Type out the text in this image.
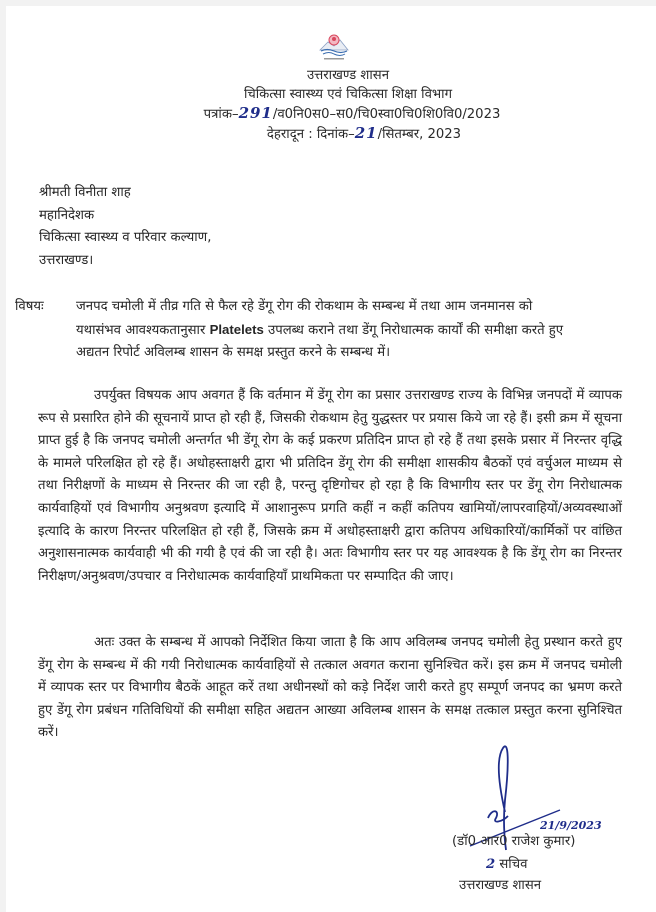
उत्तराखण्ड शासन
चिकित्सा स्वास्थ्य एवं चिकित्सा शिक्षा विभाग
पत्रांक–291/व0नि0स0–स0/चि0स्वा0चि0शि0वि0/2023
देहरादून : दिनांक–21/सितम्बर, 2023
श्रीमती विनीता शाह
महानिदेशक
चिकित्सा स्वास्थ्य व परिवार कल्याण,
उत्तराखण्ड।
विषयः जनपद चमोली में तीव्र गति से फैल रहे डेंगू रोग की रोकथाम के सम्बन्ध में तथा आम जनमानस को
यथासंभव आवश्यकतानुसार Platelets उपलब्ध कराने तथा डेंगू निरोधात्मक कार्यों की समीक्षा करते हुए
अद्यतन रिपोर्ट अविलम्ब शासन के समक्ष प्रस्तुत करने के सम्बन्ध में।
उपर्युक्त विषयक आप अवगत हैं कि वर्तमान में डेंगू रोग का प्रसार उत्तराखण्ड राज्य के विभिन्न जनपदों में व्यापक रूप से प्रसारित होने की सूचनायें प्राप्त हो रही हैं, जिसकी रोकथाम हेतु युद्धस्तर पर प्रयास किये जा रहे हैं। इसी क्रम में सूचना प्राप्त हुई है कि जनपद चमोली अन्तर्गत भी डेंगू रोग के कई प्रकरण प्रतिदिन प्राप्त हो रहे हैं तथा इसके प्रसार में निरन्तर वृद्धि के मामले परिलक्षित हो रहे हैं। अधोहस्ताक्षरी द्वारा भी प्रतिदिन डेंगू रोग की समीक्षा शासकीय बैठकों एवं वर्चुअल माध्यम से तथा निरीक्षणों के माध्यम से निरन्तर की जा रही है, परन्तु दृष्टिगोचर हो रहा है कि विभागीय स्तर पर डेंगू रोग निरोधात्मक कार्यवाहियों एवं विभागीय अनुश्रवण इत्यादि में आशानुरूप प्रगति कहीं न कहीं कतिपय खामियों/लापरवाहियों/अव्यवस्थाओं इत्यादि के कारण निरन्तर परिलक्षित हो रही हैं, जिसके क्रम में अधोहस्ताक्षरी द्वारा कतिपय अधिकारियों/कार्मिकों पर वांछित अनुशासनात्मक कार्यवाही भी की गयी है एवं की जा रही है। अतः विभागीय स्तर पर यह आवश्यक है कि डेंगू रोग का निरन्तर निरीक्षण/अनुश्रवण/उपचार व निरोधात्मक कार्यवाहियाँ प्राथमिकता पर सम्पादित की जाए।
अतः उक्त के सम्बन्ध में आपको निर्देशित किया जाता है कि आप अविलम्ब जनपद चमोली हेतु प्रस्थान करते हुए डेंगू रोग के सम्बन्ध में की गयी निरोधात्मक कार्यवाहियों से तत्काल अवगत कराना सुनिश्चित करें। इस क्रम में जनपद चमोली में व्यापक स्तर पर विभागीय बैठकें आहूत करें तथा अधीनस्थों को कड़े निर्देश जारी करते हुए सम्पूर्ण जनपद का भ्रमण करते हुए डेंगू रोग प्रबंधन गतिविधियों की समीक्षा सहित अद्यतन आख्या अविलम्ब शासन के समक्ष तत्काल प्रस्तुत करना सुनिश्चित करें।
21/9/2023
(डॉ0 आर0 राजेश कुमार)
2 सचिव
उत्तराखण्ड शासन
